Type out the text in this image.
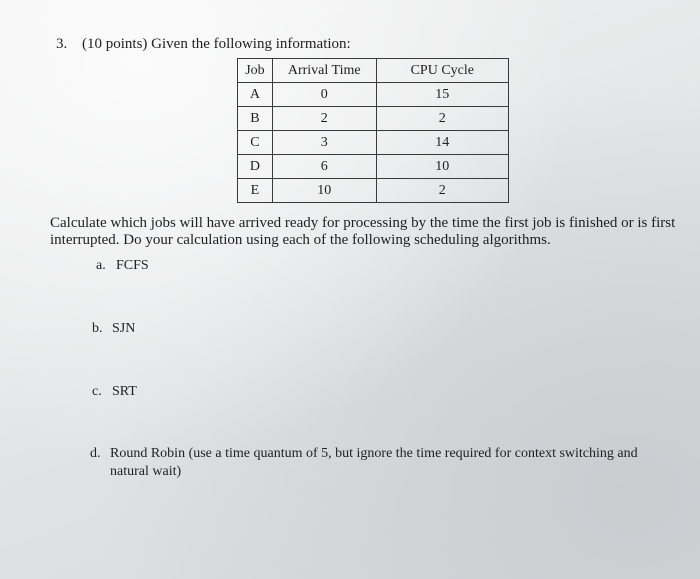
3. (10 points) Given the following information:
Job	Arrival Time	CPU Cycle
A	0	15
B	2	2
C	3	14
D	6	10
E	10	2
Calculate which jobs will have arrived ready for processing by the time the first job is finished or is first interrupted. Do your calculation using each of the following scheduling algorithms.
a. FCFS
b. SJN
c. SRT
d. Round Robin (use a time quantum of 5, but ignore the time required for context switching and natural wait)
